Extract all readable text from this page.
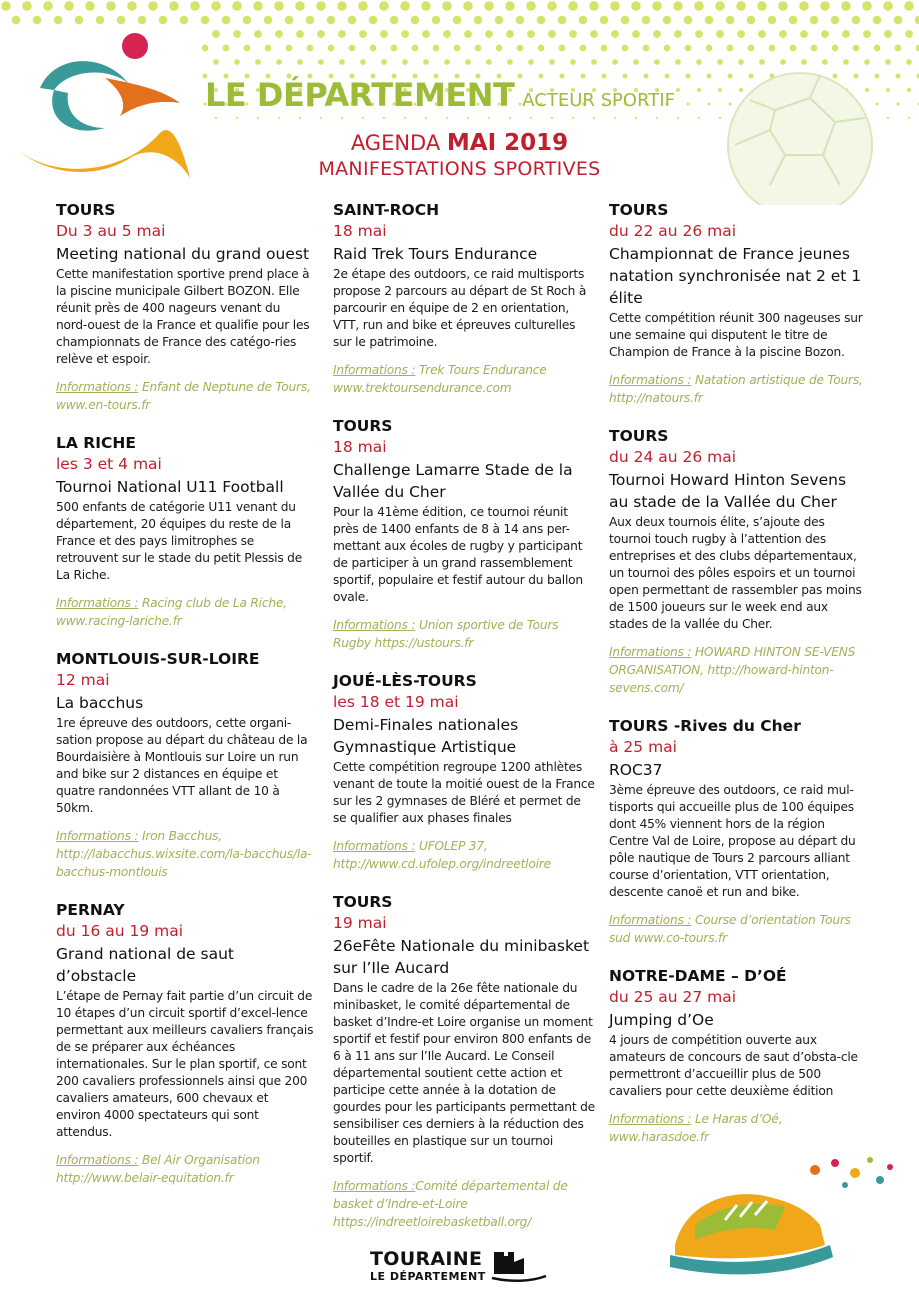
LE DÉPARTEMENT ACTEUR SPORTIF
AGENDA MAI 2019
MANIFESTATIONS SPORTIVES
TOURS
Du 3 au 5 mai
Meeting national du grand ouest
Cette manifestation sportive prend place à la piscine municipale Gilbert BOZON. Elle réunit près de 400 nageurs venant du nord-ouest de la France et qualifie pour les championnats de France des catégo-ries relève et espoir.
Informations : Enfant de Neptune de Tours, www.en-tours.fr
LA RICHE
les 3 et 4 mai
Tournoi National U11 Football
500 enfants de catégorie U11 venant du département, 20 équipes du reste de la France et des pays limitrophes se retrouvent sur le stade du petit Plessis de La Riche.
Informations : Racing club de La Riche, www.racing-lariche.fr
MONTLOUIS-SUR-LOIRE
12 mai
La bacchus
1re épreuve des outdoors, cette organi-sation propose au départ du château de la Bourdaisière à Montlouis sur Loire un run and bike sur 2 distances en équipe et quatre randonnées VTT allant de 10 à 50km.
Informations : Iron Bacchus, http://labacchus.wixsite.com/la-bacchus/la-bacchus-montlouis
PERNAY
du 16 au 19 mai
Grand national de saut d’obstacle
L’étape de Pernay fait partie d’un circuit de 10 étapes d’un circuit sportif d’excel-lence permettant aux meilleurs cavaliers français de se préparer aux échéances internationales. Sur le plan sportif, ce sont 200 cavaliers professionnels ainsi que 200 cavaliers amateurs, 600 chevaux et environ 4000 spectateurs qui sont attendus.
Informations : Bel Air Organisation http://www.belair-equitation.fr
SAINT-ROCH
18 mai
Raid Trek Tours Endurance
2e étape des outdoors, ce raid multisports propose 2 parcours au départ de St Roch à parcourir en équipe de 2 en orientation, VTT, run and bike et épreuves culturelles sur le patrimoine.
Informations : Trek Tours Endurance www.trektoursendurance.com
TOURS
18 mai
Challenge Lamarre Stade de la Vallée du Cher
Pour la 41ème édition, ce tournoi réunit près de 1400 enfants de 8 à 14 ans per-mettant aux écoles de rugby y participant de participer à un grand rassemblement sportif, populaire et festif autour du ballon ovale.
Informations : Union sportive de Tours Rugby https://ustours.fr
JOUÉ-LÈS-TOURS
les 18 et 19 mai
Demi-Finales nationales Gymnastique Artistique
Cette compétition regroupe 1200 athlètes venant de toute la moitié ouest de la France sur les 2 gymnases de Bléré et permet de se qualifier aux phases finales
Informations : UFOLEP 37, http://www.cd.ufolep.org/indreetloire
TOURS
19 mai
26eFête Nationale du minibasket sur l’Ile Aucard
Dans le cadre de la 26e fête nationale du minibasket, le comité départemental de basket d’Indre-et Loire organise un moment sportif et festif pour environ 800 enfants de 6 à 11 ans sur l’Ile Aucard. Le Conseil départemental soutient cette action et participe cette année à la dotation de gourdes pour les participants permettant de sensibiliser ces derniers à la réduction des bouteilles en plastique sur un tournoi sportif.
Informations :Comité départemental de basket d’Indre-et-Loire https://indreetloirebasketball.org/
TOURS
du 22 au 26 mai
Championnat de France jeunes natation synchronisée nat 2 et 1 élite
Cette compétition réunit 300 nageuses sur une semaine qui disputent le titre de Champion de France à la piscine Bozon.
Informations : Natation artistique de Tours, http://natours.fr
TOURS
du 24 au 26 mai
Tournoi Howard Hinton Sevens au stade de la Vallée du Cher
Aux deux tournois élite, s’ajoute des tournoi touch rugby à l’attention des entreprises et des clubs départementaux, un tournoi des pôles espoirs et un tournoi open permettant de rassembler pas moins de 1500 joueurs sur le week end aux stades de la vallée du Cher.
Informations : HOWARD HINTON SE-VENS ORGANISATION, http://howard-hinton-sevens.com/
TOURS -Rives du Cher
à 25 mai
ROC37
3ème épreuve des outdoors, ce raid mul-tisports qui accueille plus de 100 équipes dont 45% viennent hors de la région Centre Val de Loire, propose au départ du pôle nautique de Tours 2 parcours alliant course d’orientation, VTT orientation, descente canoë et run and bike.
Informations : Course d’orientation Tours sud www.co-tours.fr
NOTRE-DAME – D’OÉ
du 25 au 27 mai
Jumping d’Oe
4 jours de compétition ouverte aux amateurs de concours de saut d’obsta-cle permettront d’accueillir plus de 500 cavaliers pour cette deuxième édition
Informations : Le Haras d’Oé, www.harasdoe.fr
TOURAINE
LE DÉPARTEMENT
